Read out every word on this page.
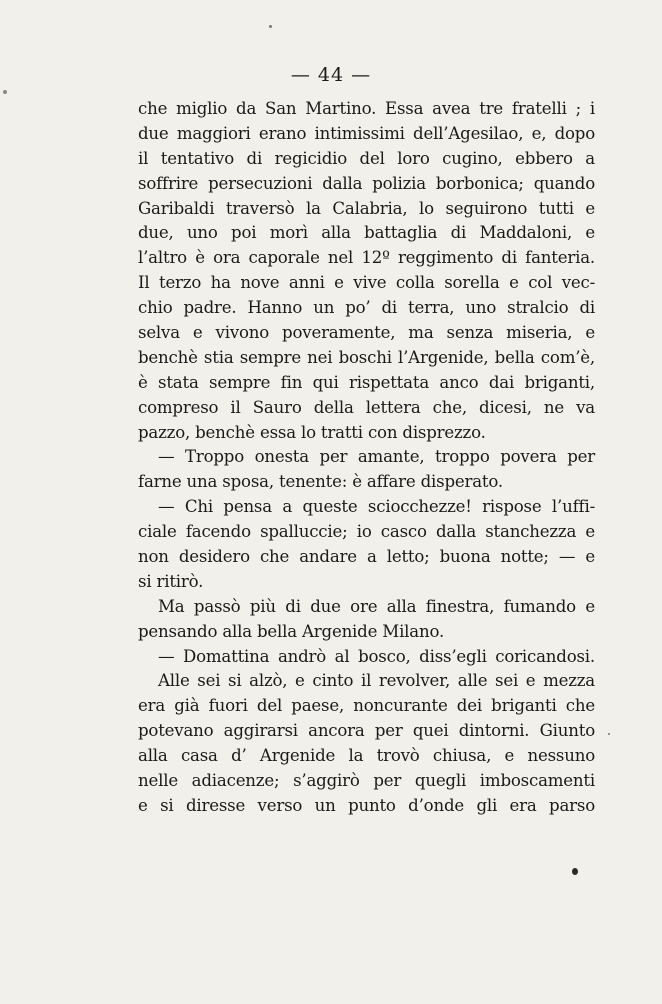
— 44 —
che miglio da San Martino. Essa avea tre fratelli ; i
due maggiori erano intimissimi dell’Agesilao, e, dopo
il tentativo di regicidio del loro cugino, ebbero a
soffrire persecuzioni dalla polizia borbonica; quando
Garibaldi traversò la Calabria, lo seguirono tutti e
due, uno poi morì alla battaglia di Maddaloni, e
l’altro è ora caporale nel 12º reggimento di fanteria.
Il terzo ha nove anni e vive colla sorella e col vec-
chio padre. Hanno un po’ di terra, uno stralcio di
selva e vivono poveramente, ma senza miseria, e
benchè stia sempre nei boschi l’Argenide, bella com’è,
è stata sempre fin qui rispettata anco dai briganti,
compreso il Sauro della lettera che, dicesi, ne va
pazzo, benchè essa lo tratti con disprezzo.
— Troppo onesta per amante, troppo povera per
farne una sposa, tenente: è affare disperato.
— Chi pensa a queste sciocchezze! rispose l’uffi-
ciale facendo spalluccie; io casco dalla stanchezza e
non desidero che andare a letto; buona notte; — e
si ritirò.
Ma passò più di due ore alla finestra, fumando e
pensando alla bella Argenide Milano.
— Domattina andrò al bosco, diss’egli coricandosi.
Alle sei si alzò, e cinto il revolver, alle sei e mezza
era già fuori del paese, noncurante dei briganti che
potevano aggirarsi ancora per quei dintorni. Giunto
alla casa d’ Argenide la trovò chiusa, e nessuno
nelle adiacenze; s’aggirò per quegli imboscamenti
e si diresse verso un punto d’onde gli era parso
